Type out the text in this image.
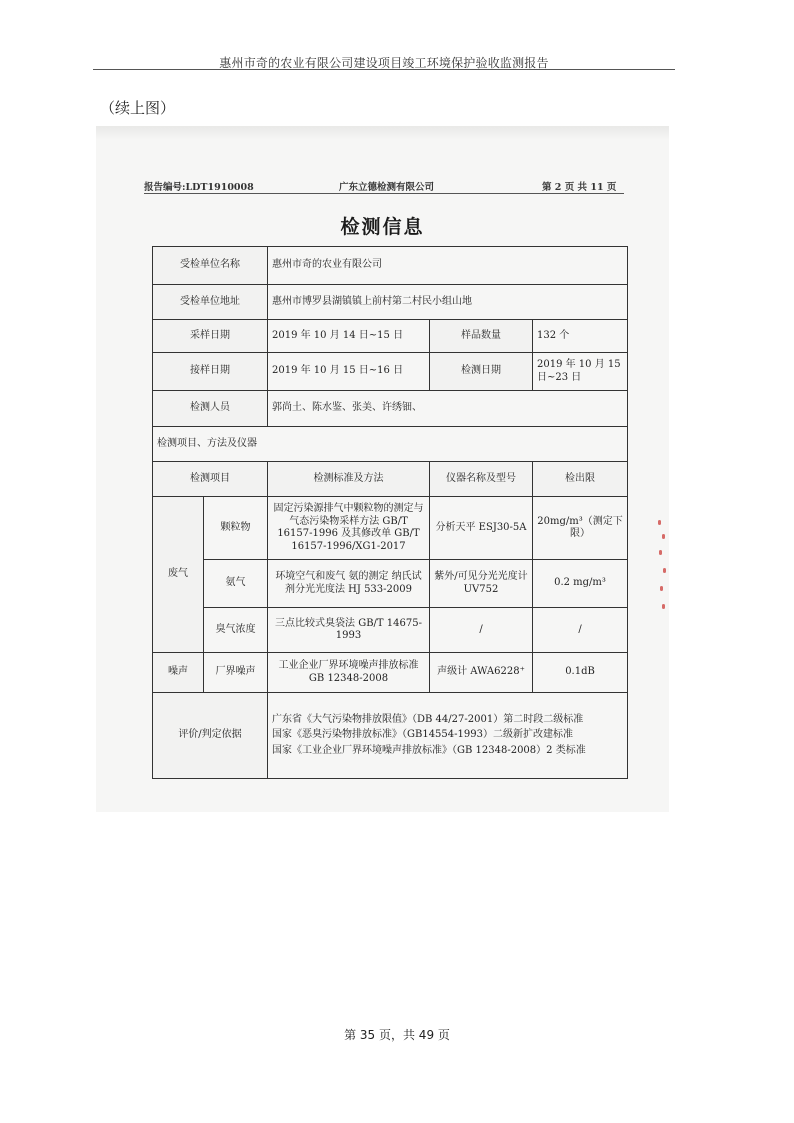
惠州市奇的农业有限公司建设项目竣工环境保护验收监测报告
（续上图）
报告编号:LDT1910008	广东立德检测有限公司	第 2 页 共 11 页
检测信息
受检单位名称		惠州市奇的农业有限公司		
受检单位地址		惠州市博罗县湖镇镇上前村第二村民小组山地		
采样日期		2019 年 10 月 14 日~15 日	样品数量	132 个
接样日期		2019 年 10 月 15 日~16 日	检测日期	2019 年 10 月 15 日~23 日
检测人员		郭尚土、陈水鉴、张美、许绣钿、		
检测项目、方法及仪器				
检测项目		检测标准及方法	仪器名称及型号	检出限
废气	颗粒物	固定污染源排气中颗粒物的测定与气态污染物采样方法 GB/T 16157-1996 及其修改单 GB/T 16157-1996/XG1-2017	分析天平 ESJ30-5A	20mg/m³（测定下限）
	氨气	环境空气和废气 氨的测定 纳氏试剂分光光度法 HJ 533-2009	紫外/可见分光光度计 UV752	0.2 mg/m³
	臭气浓度	三点比较式臭袋法 GB/T 14675-1993	/	/
噪声	厂界噪声	工业企业厂界环境噪声排放标准 GB 12348-2008	声级计 AWA6228⁺	0.1dB
评价/判定依据		广东省《大气污染物排放限值》（DB 44/27-2001）第二时段二级标准

国家《恶臭污染物排放标准》（GB14554-1993）二级新扩改建标准

国家《工业企业厂界环境噪声排放标准》（GB 12348-2008）2 类标准		

第 35 页，共 49 页
